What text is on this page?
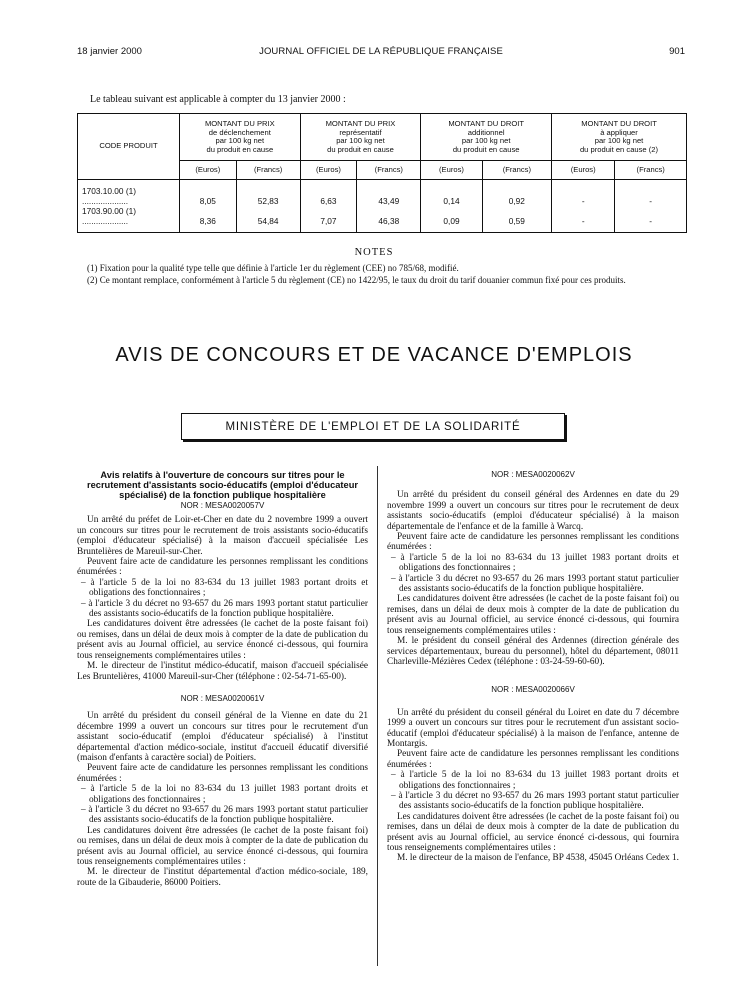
18 janvier 2000	JOURNAL OFFICIEL DE LA RÉPUBLIQUE FRANÇAISE	901
Le tableau suivant est applicable à compter du 13 janvier 2000 :
CODE PRODUIT	MONTANT DU PRIX
de déclenchement
par 100 kg net
du produit en cause		MONTANT DU PRIX
représentatif
par 100 kg net
du produit en cause		MONTANT DU DROIT
additionnel
par 100 kg net
du produit en cause		MONTANT DU DROIT
à appliquer
par 100 kg net
du produit en cause (2)	
	(Euros)	(Francs)	(Euros)	(Francs)	(Euros)	(Francs)	(Euros)	(Francs)
1703.10.00 (1) ....................	8,05	52,83	6,63	43,49	0,14	0,92	-	-
1703.90.00 (1) ....................	8,36	54,84	7,07	46,38	0,09	0,59	-	-
NOTES
(1) Fixation pour la qualité type telle que définie à l'article 1er du règlement (CEE) no 785/68, modifié.
(2) Ce montant remplace, conformément à l'article 5 du règlement (CE) no 1422/95, le taux du droit du tarif douanier commun fixé pour ces produits.
AVIS DE CONCOURS ET DE VACANCE D'EMPLOIS
MINISTÈRE DE L'EMPLOI ET DE LA SOLIDARITÉ

Avis relatifs à l'ouverture de concours sur titres pour le recrutement d'assistants socio-éducatifs (emploi d'éducateur spécialisé) de la fonction publique hospitalière

NOR : MESA0020057V

Un arrêté du préfet de Loir-et-Cher en date du 2 novembre 1999 a ouvert un concours sur titres pour le recrutement de trois assistants socio-éducatifs (emploi d'éducateur spécialisé) à la maison d'accueil spécialisée Les Bruntelières de Mareuil-sur-Cher.

Peuvent faire acte de candidature les personnes remplissant les conditions énumérées :

– à l'article 5 de la loi no 83-634 du 13 juillet 1983 portant droits et obligations des fonctionnaires ;

– à l'article 3 du décret no 93-657 du 26 mars 1993 portant statut particulier des assistants socio-éducatifs de la fonction publique hospitalière.

Les candidatures doivent être adressées (le cachet de la poste faisant foi) ou remises, dans un délai de deux mois à compter de la date de publication du présent avis au Journal officiel, au service énoncé ci-dessous, qui fournira tous renseignements complémentaires utiles :

M. le directeur de l'institut médico-éducatif, maison d'accueil spécialisée Les Bruntelières, 41000 Mareuil-sur-Cher (téléphone : 02-54-71-65-00).

NOR : MESA0020061V

Un arrêté du président du conseil général de la Vienne en date du 21 décembre 1999 a ouvert un concours sur titres pour le recrutement d'un assistant socio-éducatif (emploi d'éducateur spécialisé) à l'institut départemental d'action médico-sociale, institut d'accueil éducatif diversifié (maison d'enfants à caractère social) de Poitiers.

Peuvent faire acte de candidature les personnes remplissant les conditions énumérées :

– à l'article 5 de la loi no 83-634 du 13 juillet 1983 portant droits et obligations des fonctionnaires ;

– à l'article 3 du décret no 93-657 du 26 mars 1993 portant statut particulier des assistants socio-éducatifs de la fonction publique hospitalière.

Les candidatures doivent être adressées (le cachet de la poste faisant foi) ou remises, dans un délai de deux mois à compter de la date de publication du présent avis au Journal officiel, au service énoncé ci-dessous, qui fournira tous renseignements complémentaires utiles :

M. le directeur de l'institut départemental d'action médico-sociale, 189, route de la Gibauderie, 86000 Poitiers.

NOR : MESA0020062V

Un arrêté du président du conseil général des Ardennes en date du 29 novembre 1999 a ouvert un concours sur titres pour le recrutement de deux assistants socio-éducatifs (emploi d'éducateur spécialisé) à la maison départementale de l'enfance et de la famille à Warcq.

Peuvent faire acte de candidature les personnes remplissant les conditions énumérées :

– à l'article 5 de la loi no 83-634 du 13 juillet 1983 portant droits et obligations des fonctionnaires ;

– à l'article 3 du décret no 93-657 du 26 mars 1993 portant statut particulier des assistants socio-éducatifs de la fonction publique hospitalière.

Les candidatures doivent être adressées (le cachet de la poste faisant foi) ou remises, dans un délai de deux mois à compter de la date de publication du présent avis au Journal officiel, au service énoncé ci-dessous, qui fournira tous renseignements complémentaires utiles :

M. le président du conseil général des Ardennes (direction générale des services départementaux, bureau du personnel), hôtel du département, 08011 Charleville-Mézières Cedex (téléphone : 03-24-59-60-60).

NOR : MESA0020066V

Un arrêté du président du conseil général du Loiret en date du 7 décembre 1999 a ouvert un concours sur titres pour le recrutement d'un assistant socio-éducatif (emploi d'éducateur spécialisé) à la maison de l'enfance, antenne de Montargis.

Peuvent faire acte de candidature les personnes remplissant les conditions énumérées :

– à l'article 5 de la loi no 83-634 du 13 juillet 1983 portant droits et obligations des fonctionnaires ;

– à l'article 3 du décret no 93-657 du 26 mars 1993 portant statut particulier des assistants socio-éducatifs de la fonction publique hospitalière.

Les candidatures doivent être adressées (le cachet de la poste faisant foi) ou remises, dans un délai de deux mois à compter de la date de publication du présent avis au Journal officiel, au service énoncé ci-dessous, qui fournira tous renseignements complémentaires utiles :

M. le directeur de la maison de l'enfance, BP 4538, 45045 Orléans Cedex 1.
